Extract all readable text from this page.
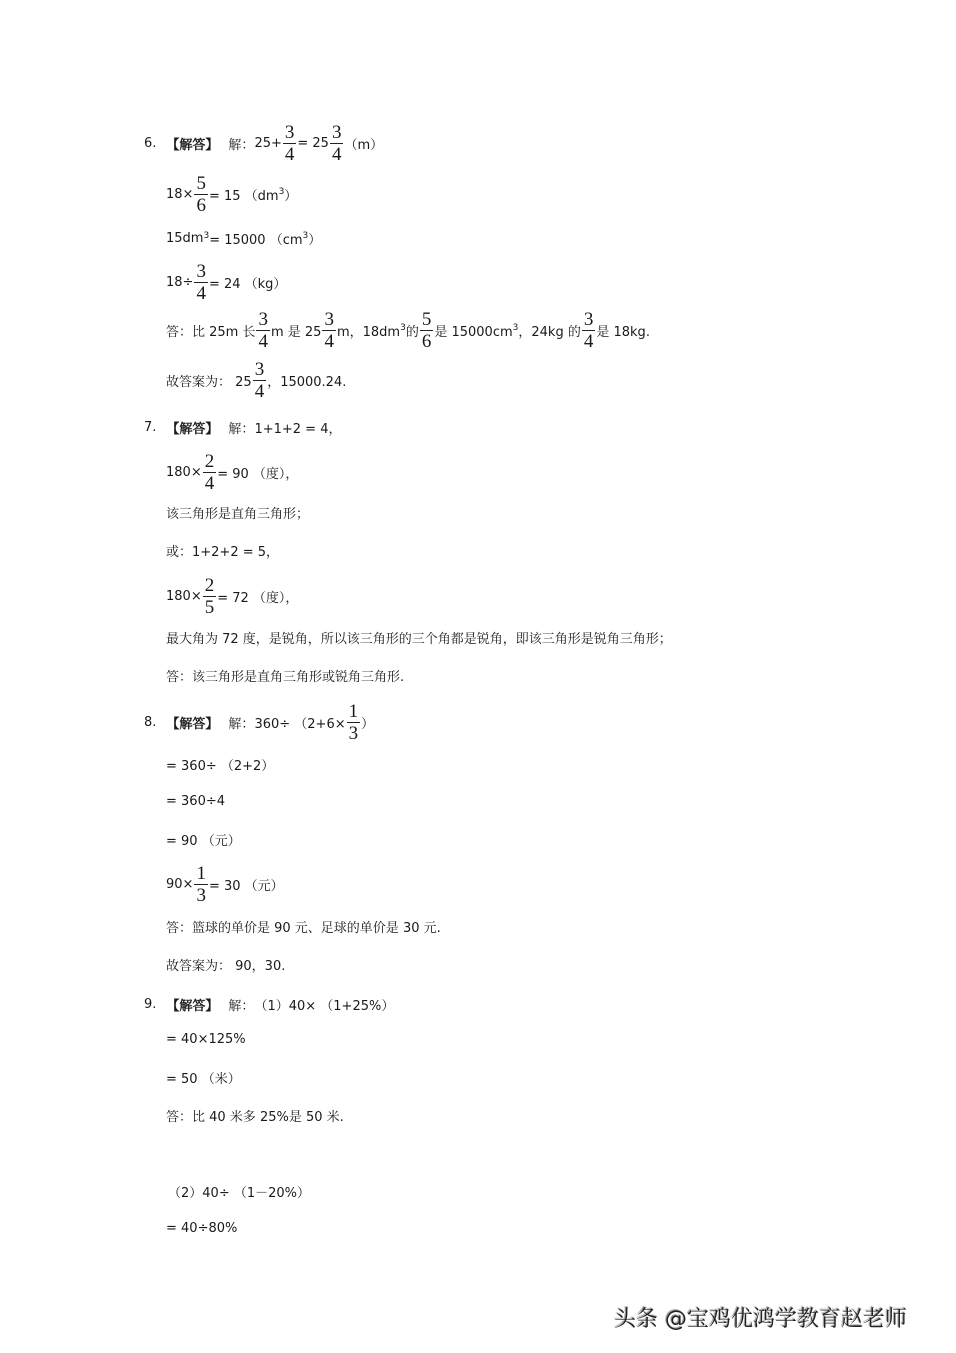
6. 【解答】 解： $25+ \frac{3}{4} = 25 \frac{3}{4} (m)$
$18\times \frac{5}{6} = 15$ （$dm^3$ ）
$15dm^3 = 15000$ （$cm^3$ ）
$18\div \frac{3}{4} = 24$ （kg）
答：比 25m 长 $\frac{3}{4}$ m 是 $25 \frac{3}{4}$ m，$18dm^3$ 的 $\frac{5}{6}$ 是 $15000cm^3$ ，24kg 的 $\frac{3}{4}$ 是 18kg.
故答案为： $25 \frac{3}{4}$ ，15000.24.
7. 【解答】 解： 1+1+2 = 4，
$180\times \frac{2}{4} = 90$ （度），
该三角形是直角三角形；
或：1+2+2 = 5，
$180\times \frac{2}{5} = 72$ （度），
最大角为 72 度，是锐角，所以该三角形的三个角都是锐角，即该三角形是锐角三角形；
答：该三角形是直角三角形或锐角三角形.
8. 【解答】 解： $360\div (2+6\times \frac{1}{3}$ ）
= 360÷ （2+2）
= 360÷4
= 90 （元）
$90\times \frac{1}{3} = 30$ （元）
答：篮球的单价是 90 元、足球的单价是 30 元.
故答案为： 90，30.
9. 【解答】 解： （1）40× （1+25%）
= 40×125%
= 50 （米）
答：比 40 米多 25%是 50 米.
（2）40÷ （1－20%）
= 40÷80%
头条 @宝鸡优鸿学教育赵老师
